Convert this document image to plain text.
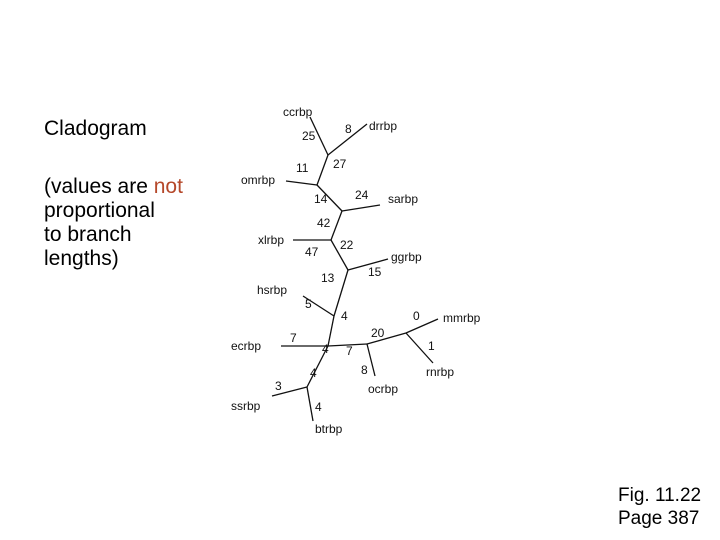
Cladogram
(values are not
proportional
to branch
lengths)
ccrbp
drrbp
omrbp
sarbp
xlrbp
ggrbp
hsrbp
mmrbp
ecrbp
rnrbp
ocrbp
ssrbp
btrbp
25 8
27
11
14 24
42
47 22
15
13
5
4	0
20
7
1
4 7
8
4
3
4
Fig. 11.22
Page 387
